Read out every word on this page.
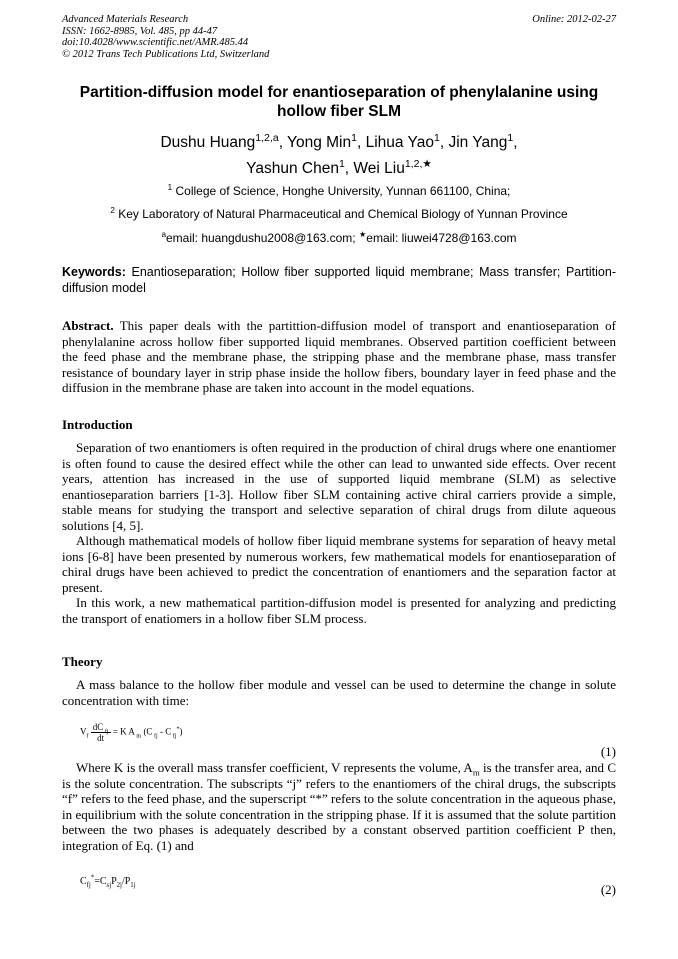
Advanced Materials Research
ISSN: 1662-8985, Vol. 485, pp 44-47
doi:10.4028/www.scientific.net/AMR.485.44
© 2012 Trans Tech Publications Ltd, Switzerland
Online: 2012-02-27
Partition-diffusion model for enantioseparation of phenylalanine using hollow fiber SLM
Dushu Huang$^{1,2,a}$, Yong Min$^1$, Lihua Yao$^1$, Jin Yang$^1$,
Yashun Chen$^1$, Wei Liu$^{1,2,★}$
$^1$ College of Science, Honghe University, Yunnan 661100, China;
$^2$ Key Laboratory of Natural Pharmaceutical and Chemical Biology of Yunnan Province
$^a$email: huangdushu2008@163.com; ★email: liuwei4728@163.com
Keywords: Enantioseparation; Hollow fiber supported liquid membrane; Mass transfer; Partition-diffusion model
Abstract. This paper deals with the partittion-diffusion model of transport and enantioseparation of phenylalanine across hollow fiber supported liquid membranes. Observed partition coefficient between the feed phase and the membrane phase, the stripping phase and the membrane phase, mass transfer resistance of boundary layer in strip phase inside the hollow fibers, boundary layer in feed phase and the diffusion in the membrane phase are taken into account in the model equations.
Introduction

Separation of two enantiomers is often required in the production of chiral drugs where one enantiomer is often found to cause the desired effect while the other can lead to unwanted side effects. Over recent years, attention has increased in the use of supported liquid membrane (SLM) as selective enantioseparation barriers [1-3]. Hollow fiber SLM containing active chiral carriers provide a simple, stable means for studying the transport and selective separation of chiral drugs from dilute aqueous solutions [4, 5].

Although mathematical models of hollow fiber liquid membrane systems for separation of heavy metal ions [6-8] have been presented by numerous workers, few mathematical models for enantioseparation of chiral drugs have been achieved to predict the concentration of enantiomers and the separation factor at present.

In this work, a new mathematical partition-diffusion model is presented for analyzing and predicting the transport of enatiomers in a hollow fiber SLM process.

Theory

A mass balance to the hollow fiber module and vessel can be used to determine the change in solute concentration with time:

$V_f \frac{dC _{fj}}{dt} = K$ A $_m$ (C $_{fj}$ - C $_{fj}$*)
(1)

Where K is the overall mass transfer coefficient, V represents the volume, $A_m$ is the transfer area, and C is the solute concentration. The subscripts “j” refers to the enantiomers of the chiral drugs, the subscripts “f” refers to the feed phase, and the superscript “*” refers to the solute concentration in the aqueous phase, in equilibrium with the solute concentration in the stripping phase. If it is assumed that the solute partition between the two phases is adequately described by a constant observed partition coefficient P then, integration of Eq. (1) and

$C_{fj}^*=C_{sj}P_{2j}/P_{1j}$	(2)
